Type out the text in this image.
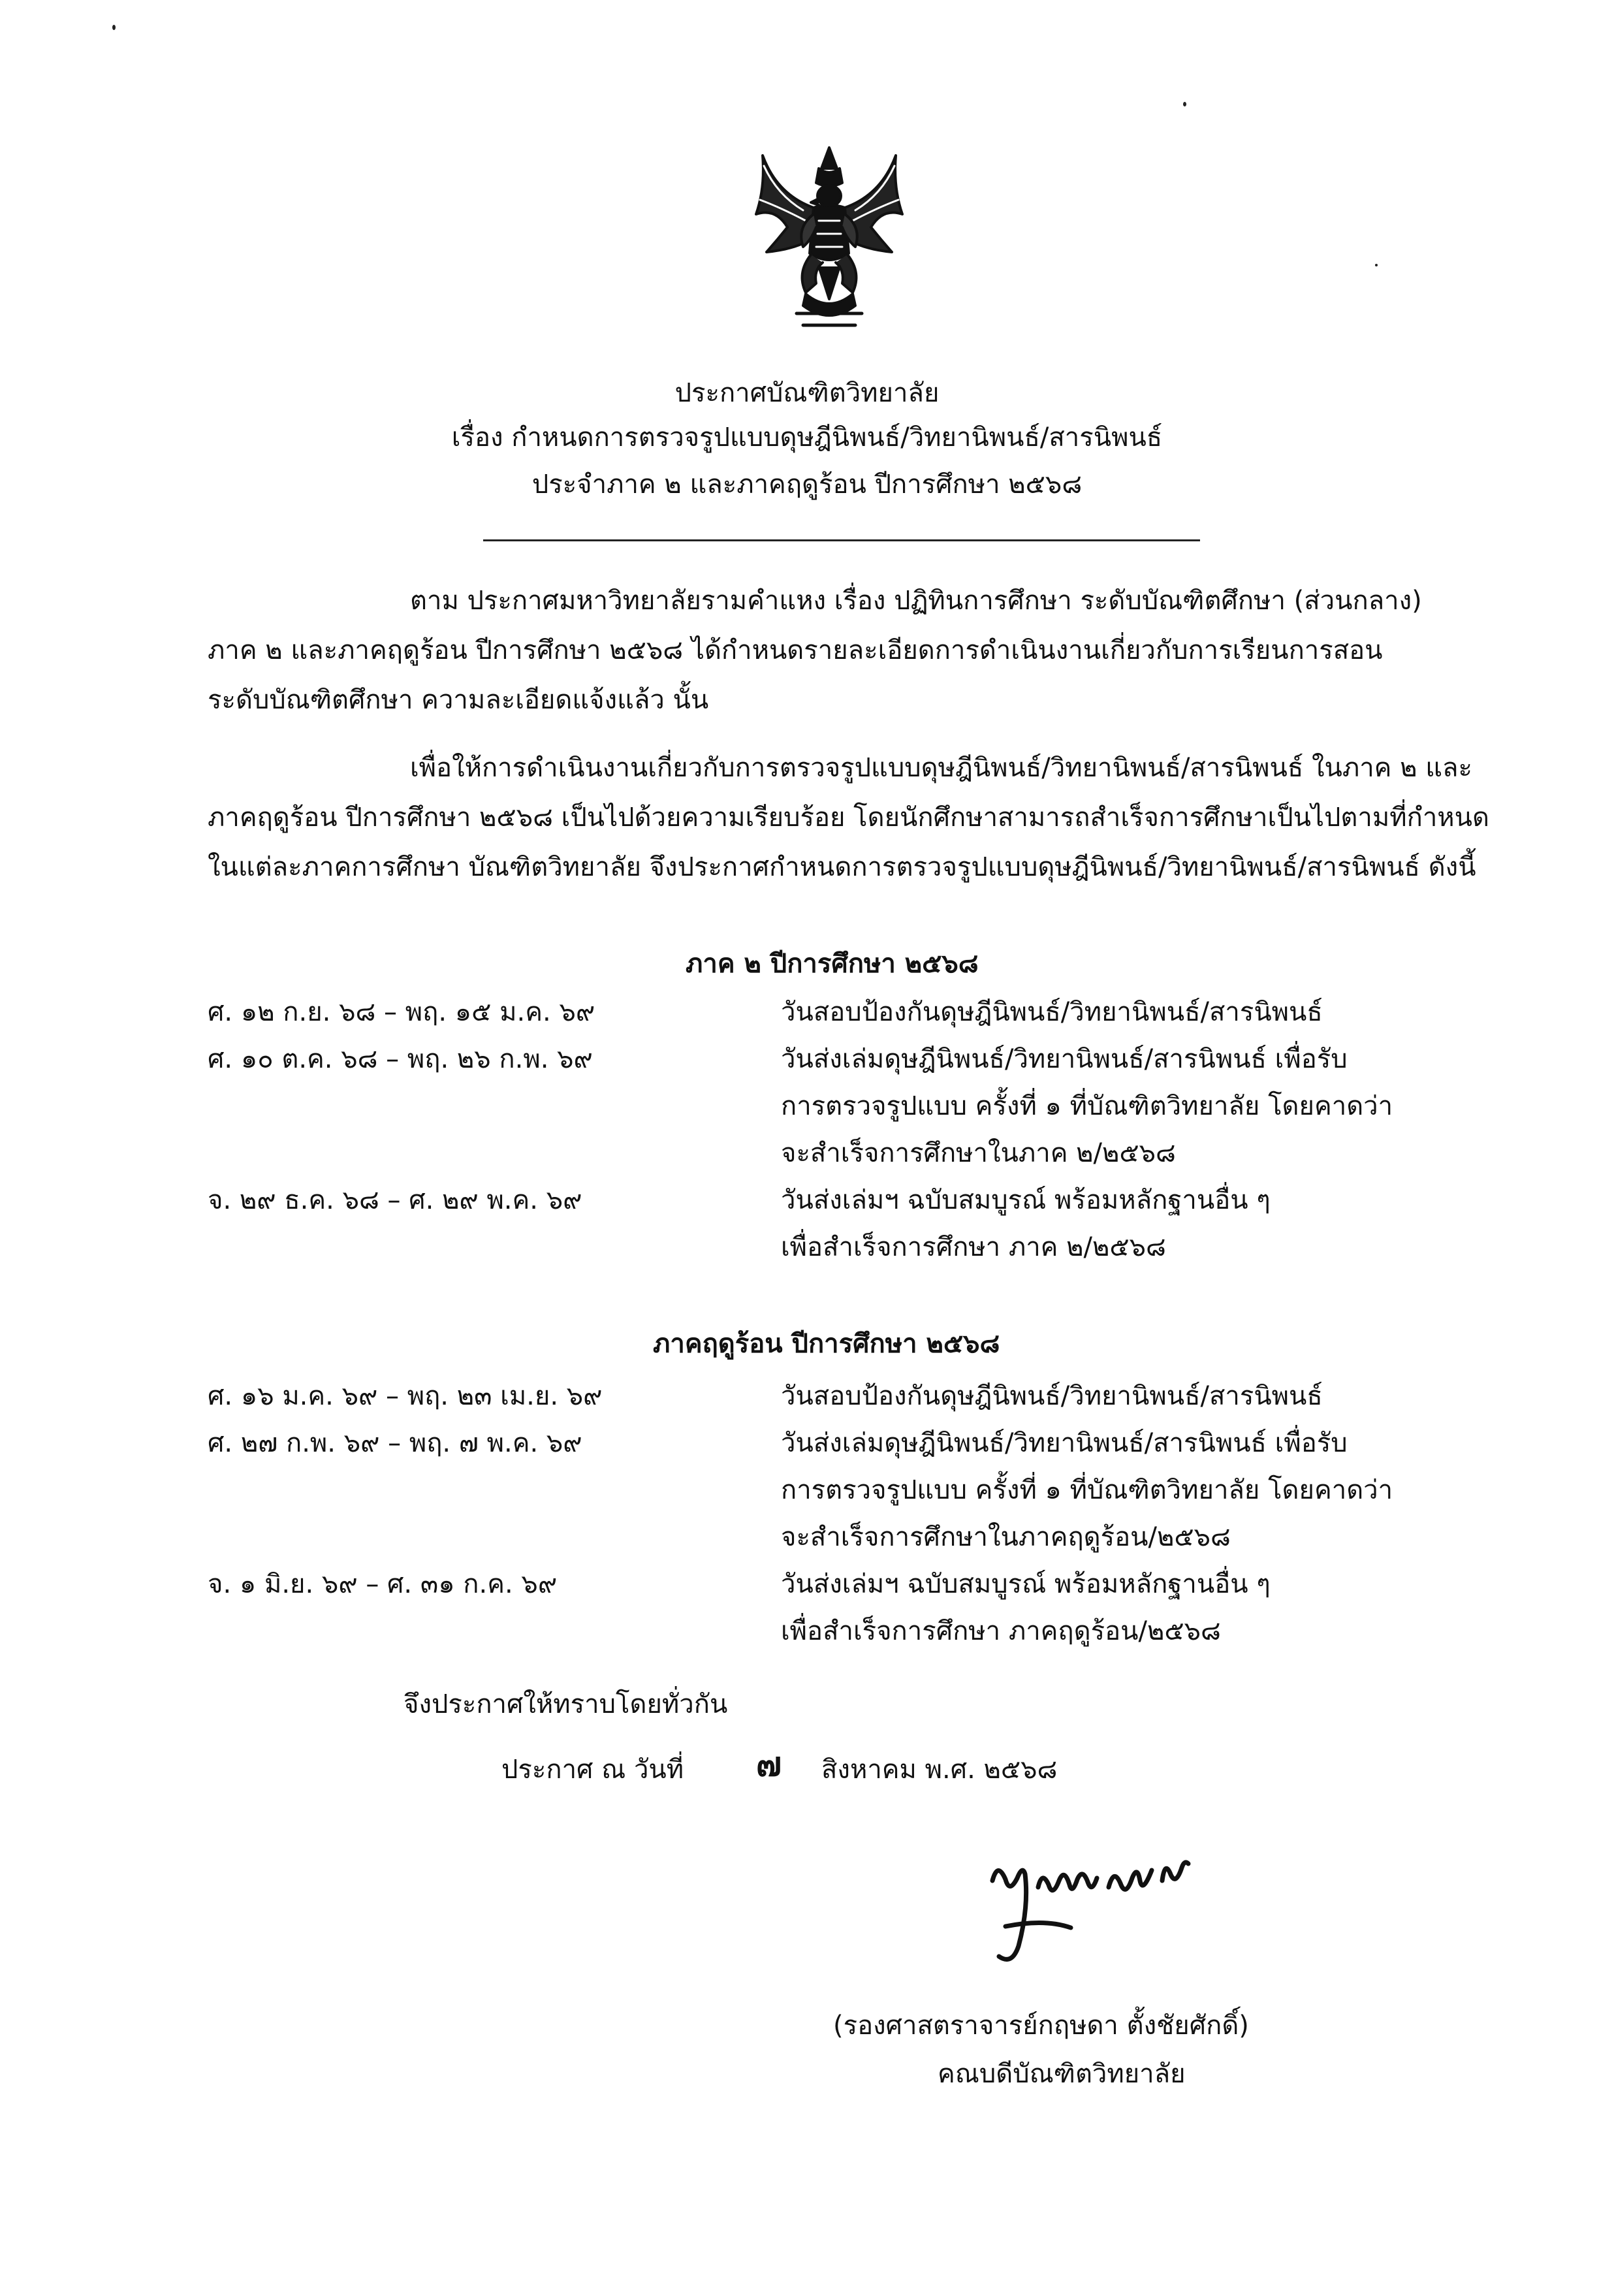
ประกาศบัณฑิตวิทยาลัย
เรื่อง กำหนดการตรวจรูปแบบดุษฎีนิพนธ์/วิทยานิพนธ์/สารนิพนธ์
ประจำภาค ๒ และภาคฤดูร้อน ปีการศึกษา ๒๕๖๘
ตาม ประกาศมหาวิทยาลัยรามคำแหง เรื่อง ปฏิทินการศึกษา ระดับบัณฑิตศึกษา (ส่วนกลาง)
ภาค ๒ และภาคฤดูร้อน ปีการศึกษา ๒๕๖๘ ได้กำหนดรายละเอียดการดำเนินงานเกี่ยวกับการเรียนการสอน
ระดับบัณฑิตศึกษา ความละเอียดแจ้งแล้ว นั้น
เพื่อให้การดำเนินงานเกี่ยวกับการตรวจรูปแบบดุษฎีนิพนธ์/วิทยานิพนธ์/สารนิพนธ์ ในภาค ๒ และ
ภาคฤดูร้อน ปีการศึกษา ๒๕๖๘ เป็นไปด้วยความเรียบร้อย โดยนักศึกษาสามารถสำเร็จการศึกษาเป็นไปตามที่กำหนด
ในแต่ละภาคการศึกษา บัณฑิตวิทยาลัย จึงประกาศกำหนดการตรวจรูปแบบดุษฎีนิพนธ์/วิทยานิพนธ์/สารนิพนธ์ ดังนี้
ภาค ๒ ปีการศึกษา ๒๕๖๘
ศ. ๑๒ ก.ย. ๖๘ – พฤ. ๑๕ ม.ค. ๖๙	วันสอบป้องกันดุษฎีนิพนธ์/วิทยานิพนธ์/สารนิพนธ์
ศ. ๑๐ ต.ค. ๖๘ – พฤ. ๒๖ ก.พ. ๖๙	วันส่งเล่มดุษฎีนิพนธ์/วิทยานิพนธ์/สารนิพนธ์ เพื่อรับ
การตรวจรูปแบบ ครั้งที่ ๑ ที่บัณฑิตวิทยาลัย โดยคาดว่า
จะสำเร็จการศึกษาในภาค ๒/๒๕๖๘
จ. ๒๙ ธ.ค. ๖๘ – ศ. ๒๙ พ.ค. ๖๙	วันส่งเล่มฯ ฉบับสมบูรณ์ พร้อมหลักฐานอื่น ๆ
เพื่อสำเร็จการศึกษา ภาค ๒/๒๕๖๘
ภาคฤดูร้อน ปีการศึกษา ๒๕๖๘
ศ. ๑๖ ม.ค. ๖๙ – พฤ. ๒๓ เม.ย. ๖๙	วันสอบป้องกันดุษฎีนิพนธ์/วิทยานิพนธ์/สารนิพนธ์
ศ. ๒๗ ก.พ. ๖๙ – พฤ. ๗ พ.ค. ๖๙	วันส่งเล่มดุษฎีนิพนธ์/วิทยานิพนธ์/สารนิพนธ์ เพื่อรับ
การตรวจรูปแบบ ครั้งที่ ๑ ที่บัณฑิตวิทยาลัย โดยคาดว่า
จะสำเร็จการศึกษาในภาคฤดูร้อน/๒๕๖๘
จ. ๑ มิ.ย. ๖๙ – ศ. ๓๑ ก.ค. ๖๙	วันส่งเล่มฯ ฉบับสมบูรณ์ พร้อมหลักฐานอื่น ๆ
เพื่อสำเร็จการศึกษา ภาคฤดูร้อน/๒๕๖๘
จึงประกาศให้ทราบโดยทั่วกัน
ประกาศ ณ วันที่ ๗ สิงหาคม พ.ศ. ๒๕๖๘
(รองศาสตราจารย์กฤษดา ตั้งชัยศักดิ์)
คณบดีบัณฑิตวิทยาลัย
